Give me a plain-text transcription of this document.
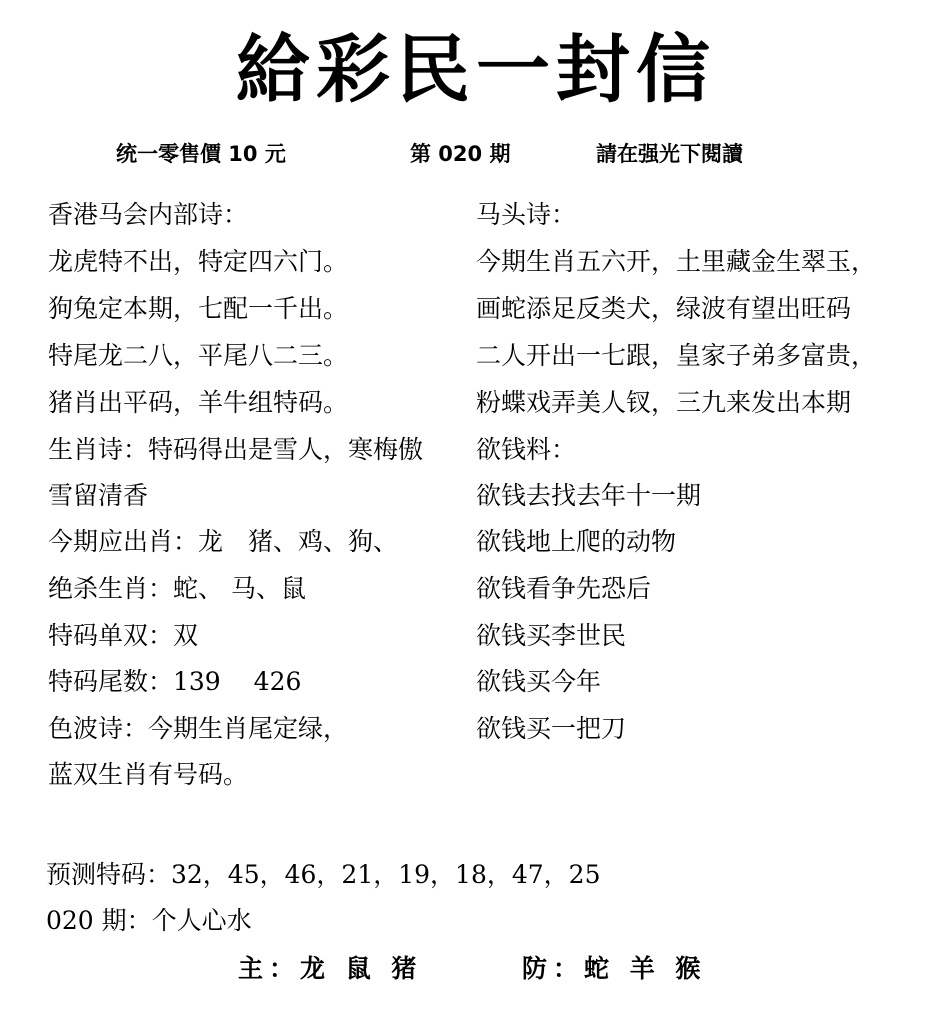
給彩民一封信
统一零售價 10 元	第 020 期	請在强光下閱讀
香港马会内部诗：
龙虎特不出，特定四六门。
狗兔定本期，七配一千出。
特尾龙二八，平尾八二三。
猪肖出平码，羊牛组特码。
生肖诗：特码得出是雪人，寒梅傲
雪留清香
今期应出肖：龙　猪、鸡、狗、
绝杀生肖：蛇、 马、鼠
特码单双：双
特码尾数：139　 426
色波诗：今期生肖尾定绿，
蓝双生肖有号码。
马头诗：
今期生肖五六开，土里藏金生翠玉，
画蛇添足反类犬，绿波有望出旺码
二人开出一七跟，皇家子弟多富贵，
粉蝶戏弄美人钗，三九来发出本期
欲钱料：
欲钱去找去年十一期
欲钱地上爬的动物
欲钱看争先恐后
欲钱买李世民
欲钱买今年
欲钱买一把刀
预测特码：32，45，46，21，19，18，47，25
020 期：个人心水
主：龙 鼠 猪	防：蛇 羊 猴
